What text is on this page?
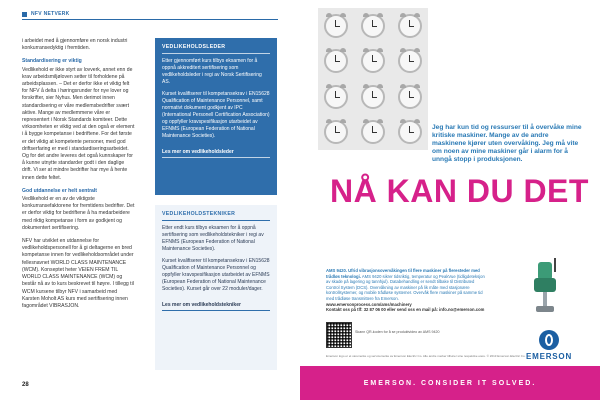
NFV NETVERK

i arbeidet med å gjennomføre en norsk industri konkurransedyktig i fremtiden.

Standardisering er viktig

Vedlikehold er ikke styrt av lovverk, annet enn de krav arbeidsmiljøloven setter til forholdene på arbeidsplassen. – Det er derfor ikke et viktig felt for NFV å delta i høringsrunder for nye lover og forskrifter, sier Nyhus. Men derimot innen standardisering er våre medlemsbedrifter svært aktive. Mange av medlemmene våre er representert i Norsk Standards komiteer. Dette virksomheten er viktig ved at den også er element i å bygge kompetanse i bedriftene. For det første er det viktig at kompetente personer, med god driftserfaring er med i standardiseringsarbeidet. Og for det andre leveres det også kunnskaper for å kunne utnytte standarder godt i den daglige drift. Vi ser at mindre bedrifter har mye å hente innen dette feltet.

God utdannelse er helt sentralt

Vedlikehold er en av de viktigste konkurransefaktorene for fremtidens bedrifter. Det er derfor viktig for bedriftene å ha medarbeidere med riktig kompetanse i form av godkjent og dokumentert sertifisering.

NFV har utviklet en utdannelse for vedlikeholdspersonell for å gi deltagerne en bred kompetanse innen for vedlikeholdsområdet under fellesnavnet WORLD CLASS MAINTENANCE (WCM). Konseptet heter VEIEN FREM TIL WORLD CLASS MAINTENANCE (WCM) og består nå av to kurs beskrevet til høyre. I tillegg til WCM kursene tilbyr NFV i samarbeid med Karsten Moholt AS kurs med sertifisering innen fagområdet VIBRASJON.

VEDLIKEHOLDSLEDER

Etter gjennomført kurs tilbys eksamen for å oppnå akkreditert sertifisering som vedlikeholdsleder i regi av Norsk Sertifisering AS.

Kurset kvalifiserer til kompetansekrav i EN15628 Qualification of Maintenance Personnel, samt normativt dokument godkjent av IPC (International Personell Certification Association) og oppfyller kravspesifikasjon utarbeidet av EFNMS (European Federation of National Maintenance Societies).

Les mer om vedlikeholdsleder
VEDLIKEHOLDSTEKNIKER

Etter endt kurs tilbys eksamen for å oppnå sertifisering som vedlikeholdstekniker i regi av EFNMS (European Federation of National Maintenance Societies).

Kurset kvalifiserer til kompetansekrav i EN15628 Qualification of Maintenance Personnel og oppfyller kravspesifikasjon utarbeidet av EFNMS (European Federation of National Maintenance Societies). Kurset går over 22 moduler/dager.

Les mer om vedlikeholdstekniker
28
Jeg har kun tid og ressurser til å overvåke mine kritiske maskiner. Mange av de andre maskinene kjører uten overvåking. Jeg må vite om noen av mine maskiner går i alarm for å unngå stopp i produksjonen.
NÅ KAN DU DET
AMS 9420. Ufrid vibrasjonsovervåkingen til flere maskiner på fleresteder med trådløs teknologi. AMS 9420 sikrer tidsriktig, temperatur og PeakVue (tidligdeteksjon av skade på lagering og tannhjul). Databehandling er sendt tilbake til Distributed Control System (DCS). Overvåkning av maskiner på lik måte med stasjonære kontrollsystemer, og mobile trådløse systemer. Overvåk flere maskiner på samme tid med trådløse transmittere fra Emerson.
www.emersonprocess.com/ams/machinery
Kontakt oss på tlf: 32 87 06 00 eller send oss en mail på: info.no@emerson.com
Skann QR-koden for å se produktvideo av AMS 9420
EMERSON
Emerson logo er et varemerke og servicemerke av Emerson Electric Co. Alle andre merker tilhører sine respektive eiere. © 2013 Emerson Electric Co.
EMERSON. CONSIDER IT SOLVED.
